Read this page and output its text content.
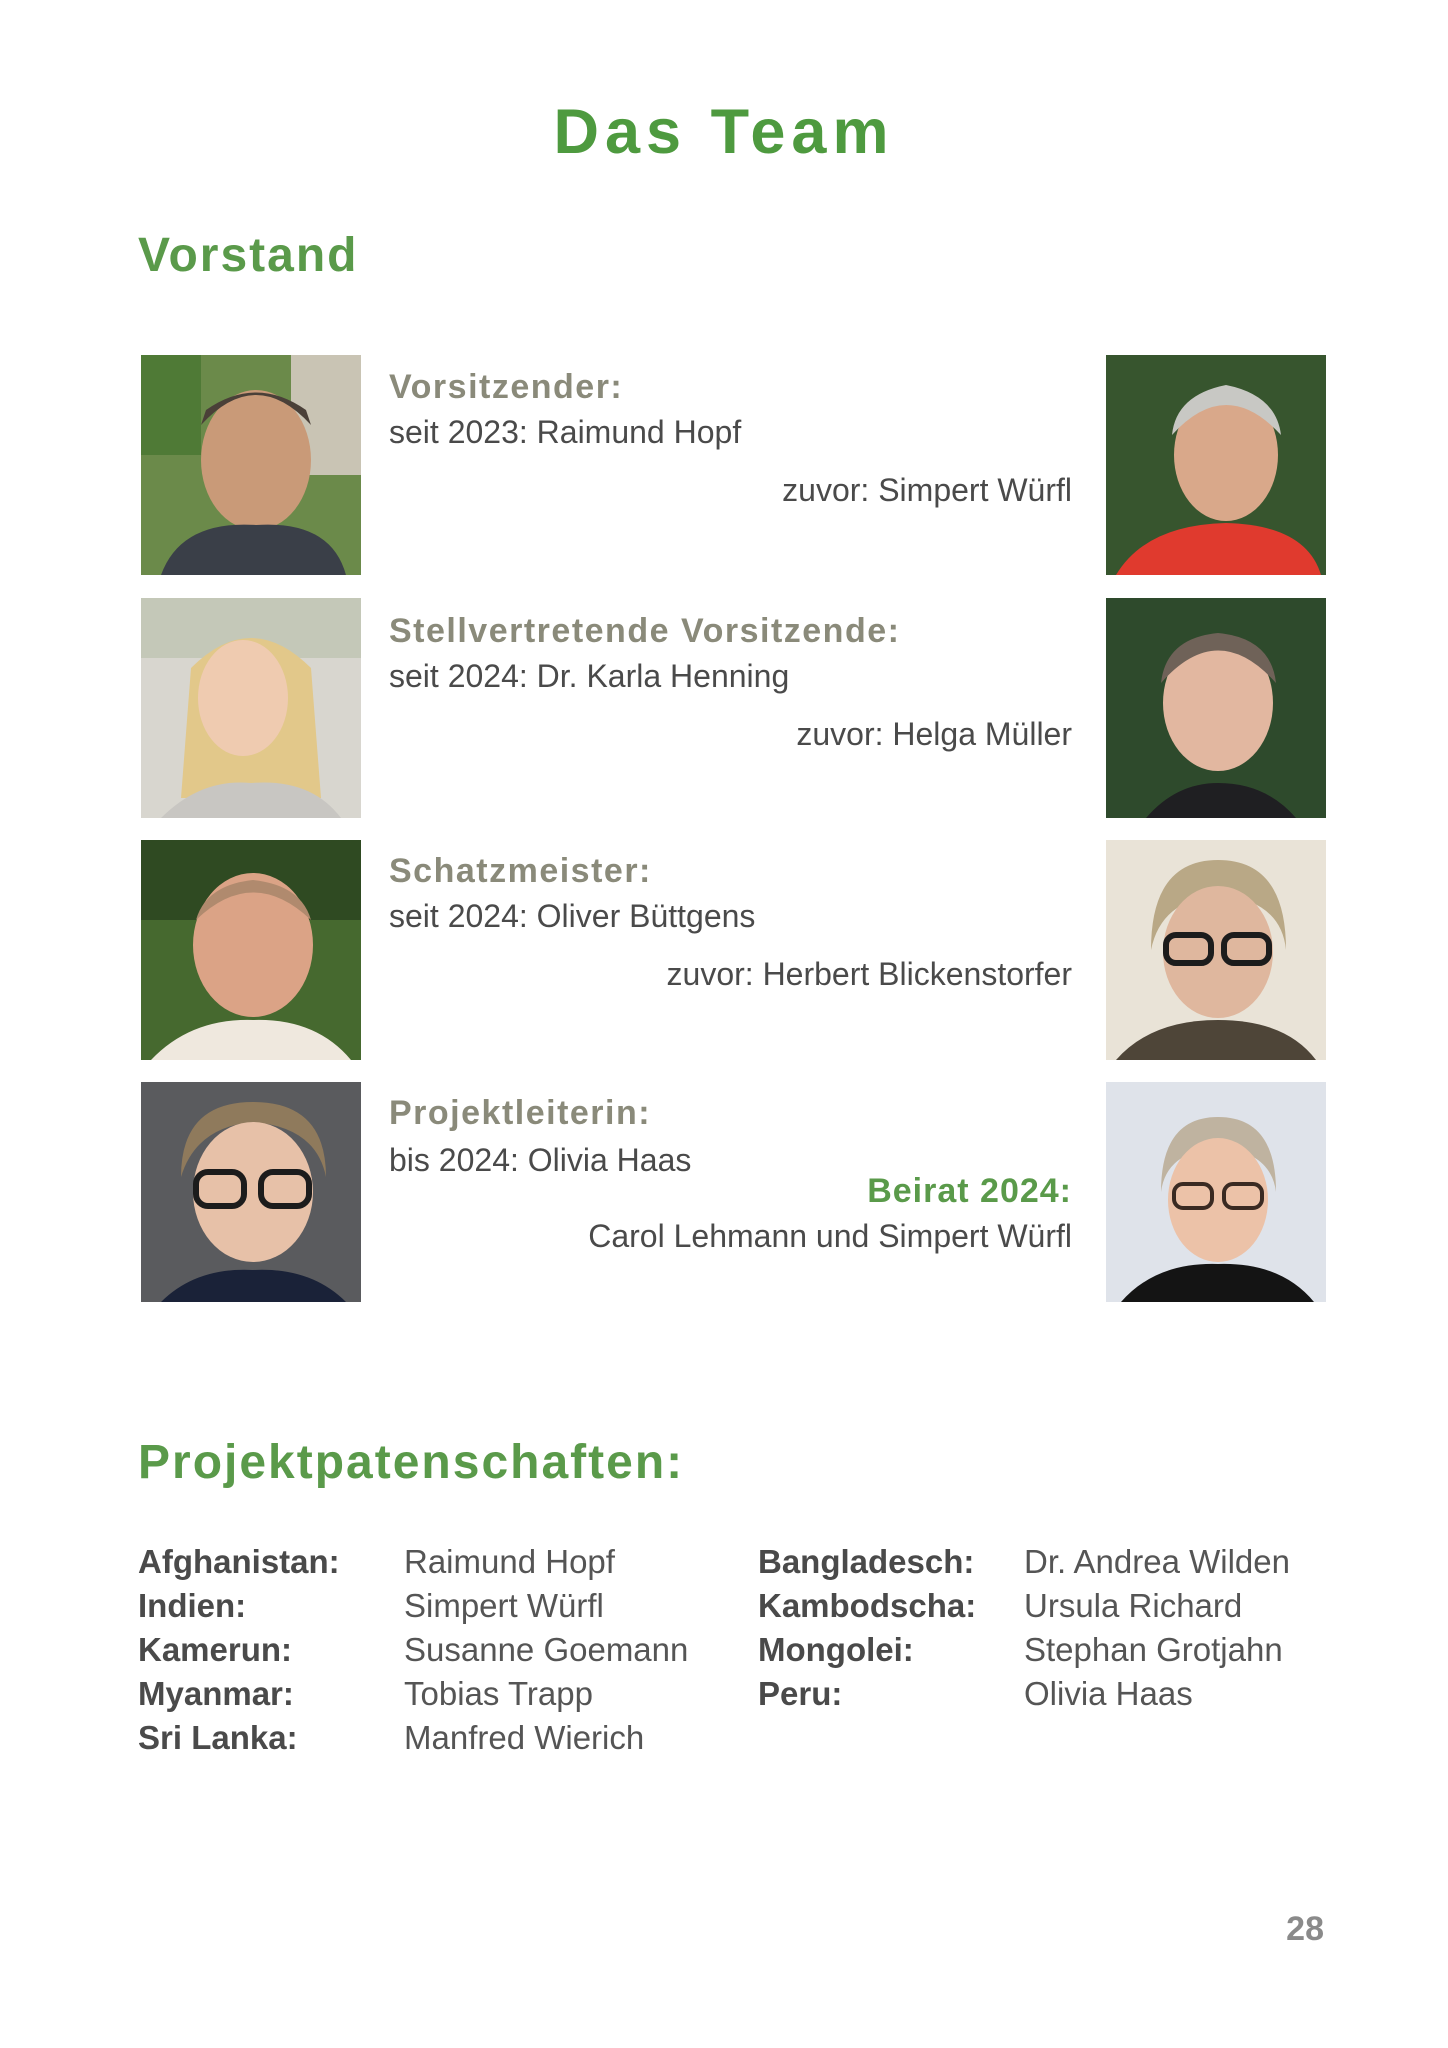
Das Team
Vorstand
Vorsitzender:
seit 2023: Raimund Hopf
zuvor: Simpert Würfl
Stellvertretende Vorsitzende:
seit 2024: Dr. Karla Henning
zuvor: Helga Müller
Schatzmeister:
seit 2024: Oliver Büttgens
zuvor: Herbert Blickenstorfer
Projektleiterin:
bis 2024: Olivia Haas
Beirat 2024:
Carol Lehmann und Simpert Würfl
Projektpatenschaften:
Afghanistan: Raimund Hopf	Bangladesch: Dr. Andrea Wilden
Indien:	Simpert Würfl	Kambodscha: Ursula Richard
Kamerun:	Susanne Goemann Mongolei:	Stephan Grotjahn
Myanmar:	Tobias Trapp	Peru:	Olivia Haas
Sri Lanka:	Manfred Wierich
28
